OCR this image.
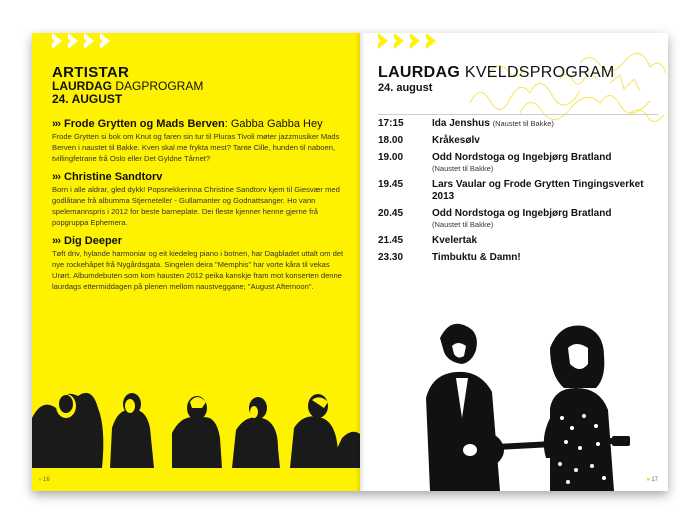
ARTISTAR
LAURDAG DAGPROGRAM
24. AUGUST
››› Frode Grytten og Mads Berven: Gabba Gabba Hey
Frode Grytten si bok om Knut og faren sin tur til Pluras Tivoli møter jazzmusiker Mads Berven i naustet til Bakke. Kven skal me frykta mest? Tante Cille, hunden til naboen, tvillingfetrane frå Oslo eller Det Gyldne Tårnet?
››› Christine Sandtorv
Born i alle aldrar, gled dykk! Popsnekkerinna Christine Sandtorv kjem til Giesvær med godlåtane frå albumma Stjerneteller - Gullamanter og Godnattsanger. Ho vann spelemannspris i 2012 for beste barneplate. Dei fleste kjenner henne gjerne frå popgruppa Ephemera.
››› Dig Deeper
Tøft driv, hylande harmoniar og eit kiedeleg piano i botnen, har Dagbladet uttalt om det nye rockehåpet frå Nygårdsgata. Singelen deira "Memphis" har vorte kåra til vekas Urørt. Albumdebuten som kom hausten 2012 peika kanskje fram mot konserten denne laurdags ettermiddagen på plenen mellom naustveggane; "August Afternoon".
››› 16
LAURDAG KVELDSPROGRAM
24. august
17:15	Ida Jenshus (Naustet til Bakke)
18.00	Kråkesølv
19.00	Odd Nordstoga og Ingebjørg Bratland
(Naustet til Bakke)
19.45	Lars Vaular og Frode Grytten Tingingsverket 2013
20.45	Odd Nordstoga og Ingebjørg Bratland
(Naustet til Bakke)
21.45	Kvelertak
23.30	Timbuktu & Damn!
››› 17
